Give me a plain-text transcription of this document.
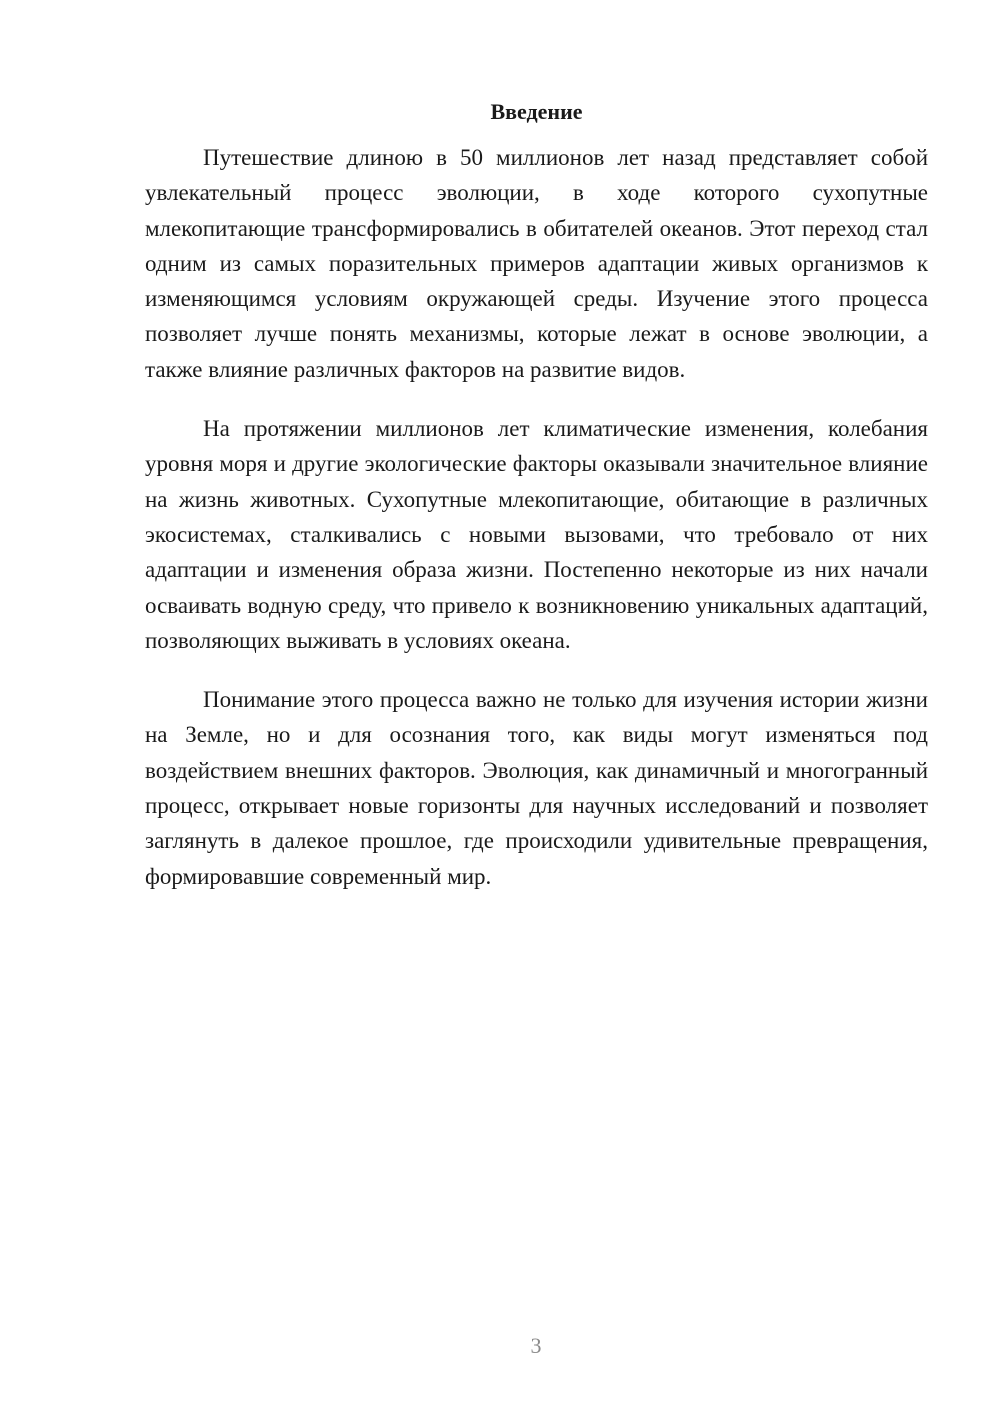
Введение

Путешествие длиною в 50 миллионов лет назад представляет собой увлекательный процесс эволюции, в ходе которого сухопутные млекопитающие трансформировались в обитателей океанов. Этот переход стал одним из самых поразительных примеров адаптации живых организмов к изменяющимся условиям окружающей среды. Изучение этого процесса позволяет лучше понять механизмы, которые лежат в основе эволюции, а также влияние различных факторов на развитие видов.

На протяжении миллионов лет климатические изменения, колебания уровня моря и другие экологические факторы оказывали значительное влияние на жизнь животных. Сухопутные млекопитающие, обитающие в различных экосистемах, сталкивались с новыми вызовами, что требовало от них адаптации и изменения образа жизни. Постепенно некоторые из них начали осваивать водную среду, что привело к возникновению уникальных адаптаций, позволяющих выживать в условиях океана.

Понимание этого процесса важно не только для изучения истории жизни на Земле, но и для осознания того, как виды могут изменяться под воздействием внешних факторов. Эволюция, как динамичный и многогранный процесс, открывает новые горизонты для научных исследований и позволяет заглянуть в далекое прошлое, где происходили удивительные превращения, формировавшие современный мир.

3
